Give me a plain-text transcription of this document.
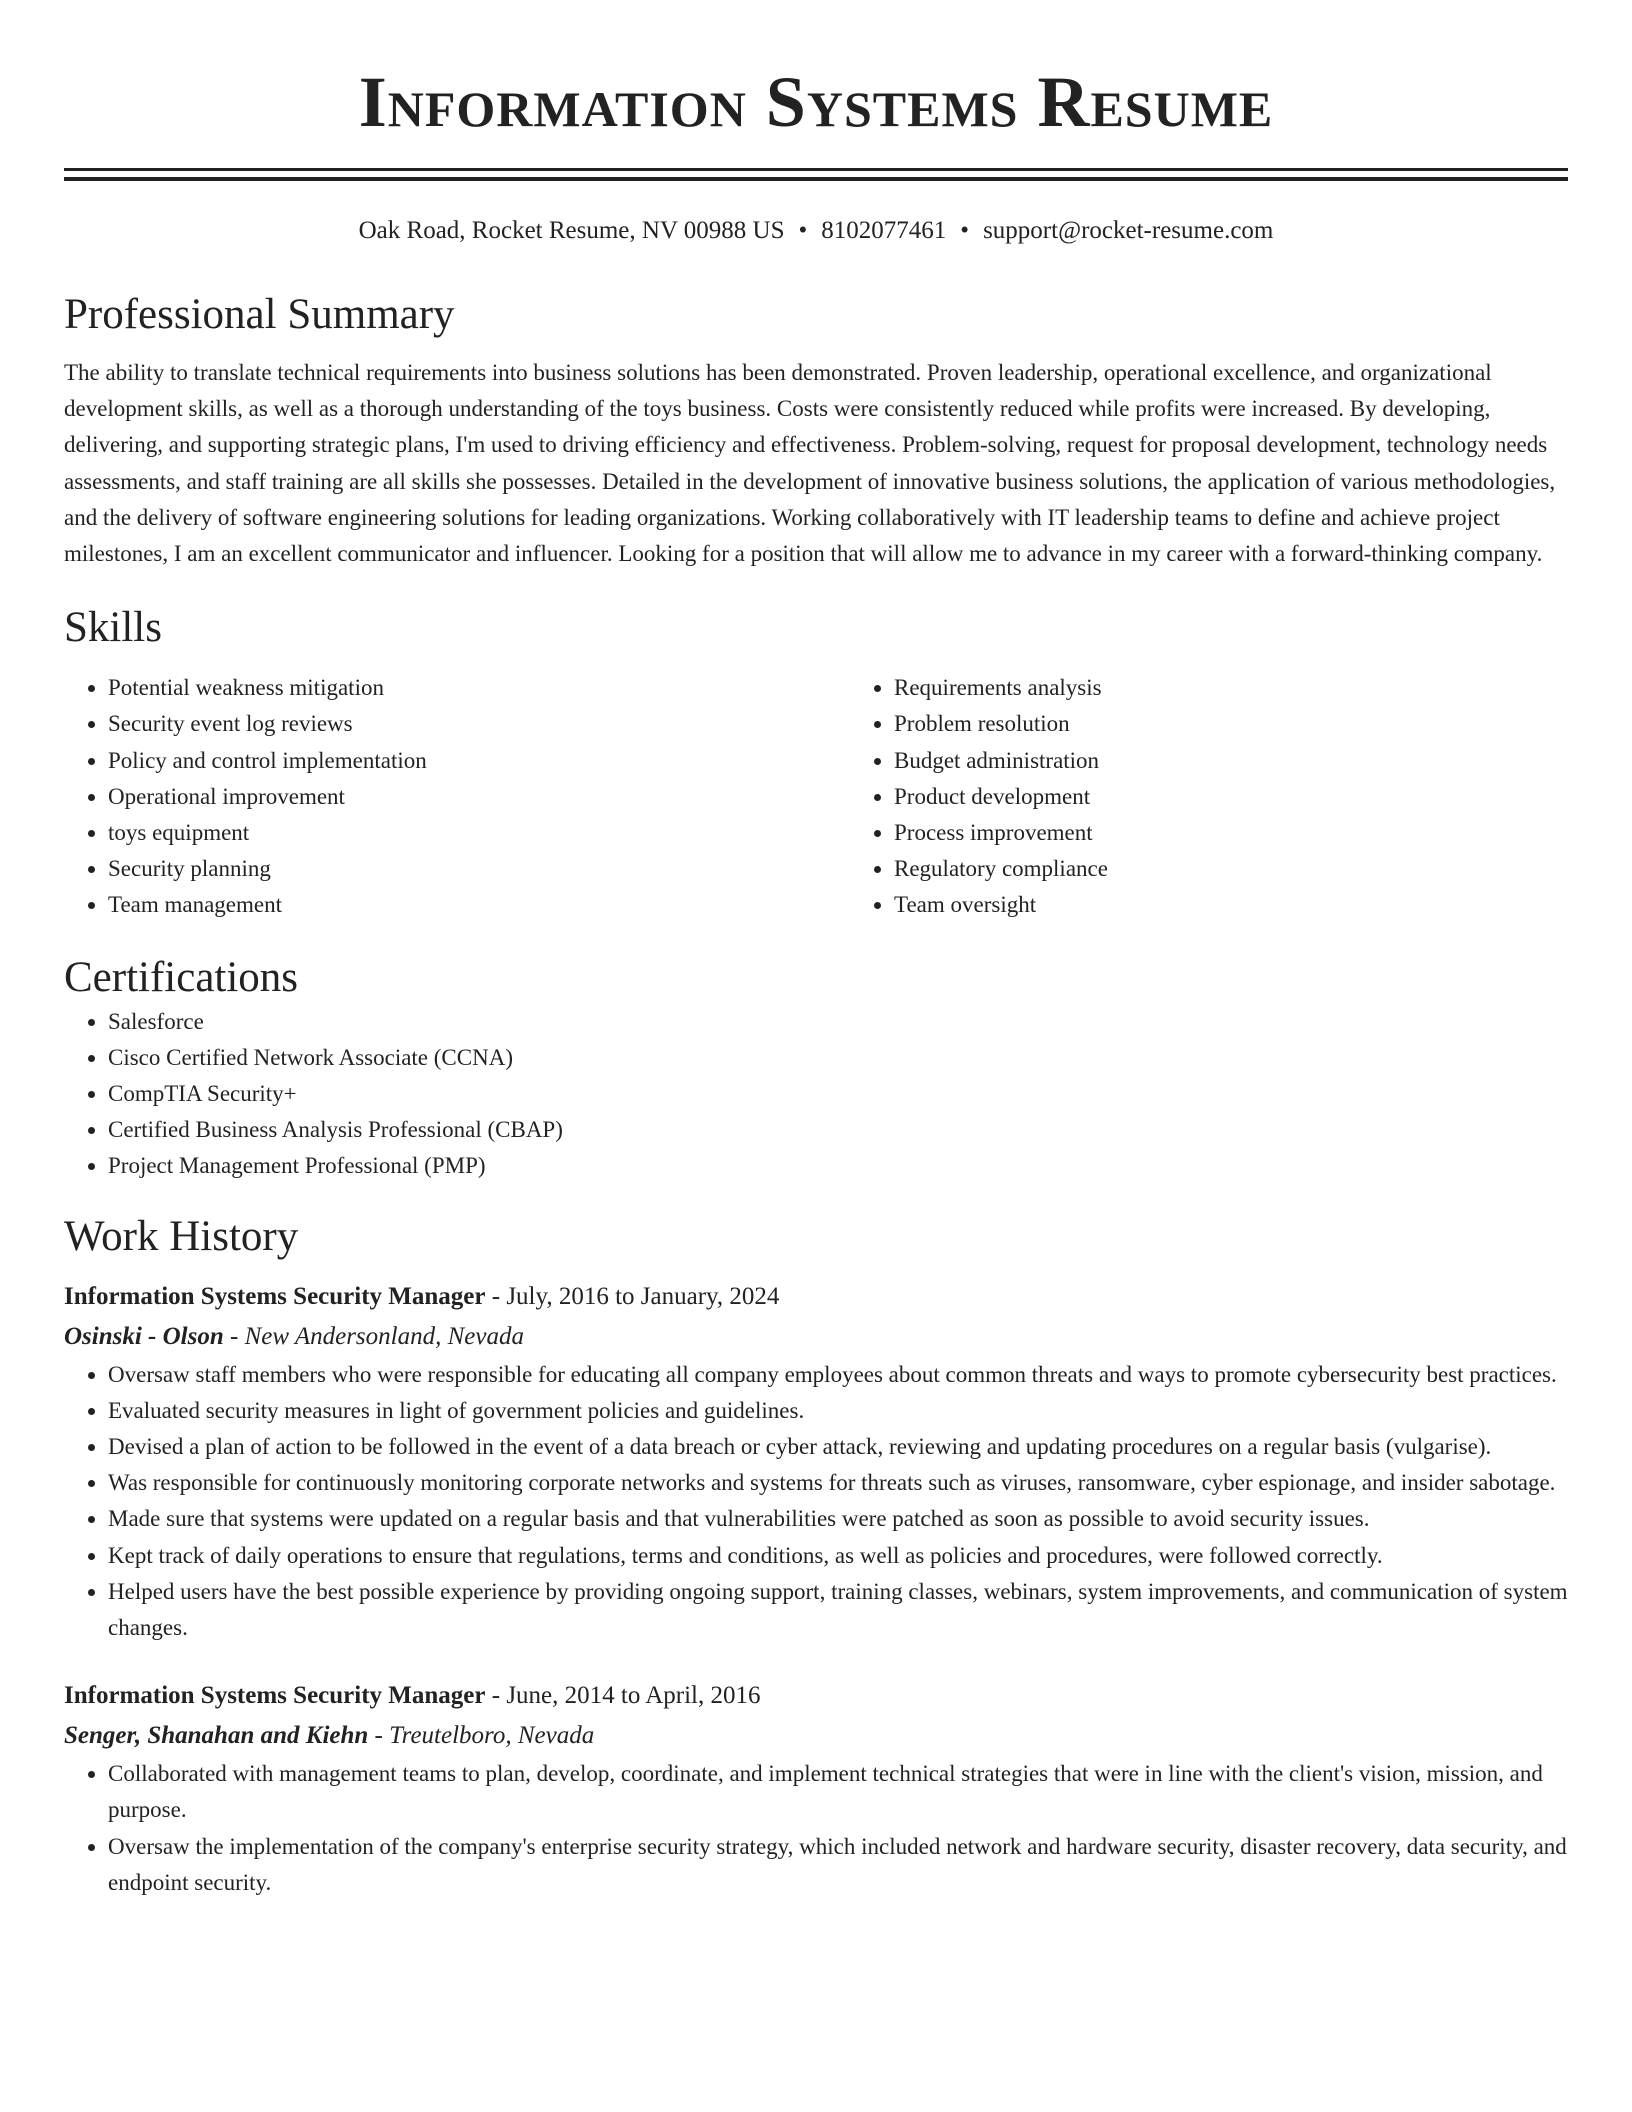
Information Systems Resume
Oak Road, Rocket Resume, NV 00988 US • 8102077461 • support@rocket-resume.com
Professional Summary

The ability to translate technical requirements into business solutions has been demonstrated. Proven leadership, operational excellence, and organizational development skills, as well as a thorough understanding of the toys business. Costs were consistently reduced while profits were increased. By developing, delivering, and supporting strategic plans, I'm used to driving efficiency and effectiveness. Problem-solving, request for proposal development, technology needs assessments, and staff training are all skills she possesses. Detailed in the development of innovative business solutions, the application of various methodologies, and the delivery of software engineering solutions for leading organizations. Working collaboratively with IT leadership teams to define and achieve project milestones, I am an excellent communicator and influencer. Looking for a position that will allow me to advance in my career with a forward-thinking company.

Skills
• Potential weakness mitigation
• Security event log reviews
• Policy and control implementation
• Operational improvement
• toys equipment
• Security planning
• Team management
• Requirements analysis
• Problem resolution
• Budget administration
• Product development
• Process improvement
• Regulatory compliance
• Team oversight
Certifications
• Salesforce
• Cisco Certified Network Associate (CCNA)
• CompTIA Security+
• Certified Business Analysis Professional (CBAP)
• Project Management Professional (PMP)
Work History
Information Systems Security Manager - July, 2016 to January, 2024
Osinski - Olson - New Andersonland, Nevada
• Oversaw staff members who were responsible for educating all company employees about common threats and ways to promote cybersecurity best practices.
• Evaluated security measures in light of government policies and guidelines.
• Devised a plan of action to be followed in the event of a data breach or cyber attack, reviewing and updating procedures on a regular basis (vulgarise).
• Was responsible for continuously monitoring corporate networks and systems for threats such as viruses, ransomware, cyber espionage, and insider sabotage.
• Made sure that systems were updated on a regular basis and that vulnerabilities were patched as soon as possible to avoid security issues.
• Kept track of daily operations to ensure that regulations, terms and conditions, as well as policies and procedures, were followed correctly.
• Helped users have the best possible experience by providing ongoing support, training classes, webinars, system improvements, and communication of system changes.
Information Systems Security Manager - June, 2014 to April, 2016
Senger, Shanahan and Kiehn - Treutelboro, Nevada
• Collaborated with management teams to plan, develop, coordinate, and implement technical strategies that were in line with the client's vision, mission, and purpose.
• Oversaw the implementation of the company's enterprise security strategy, which included network and hardware security, disaster recovery, data security, and endpoint security.
